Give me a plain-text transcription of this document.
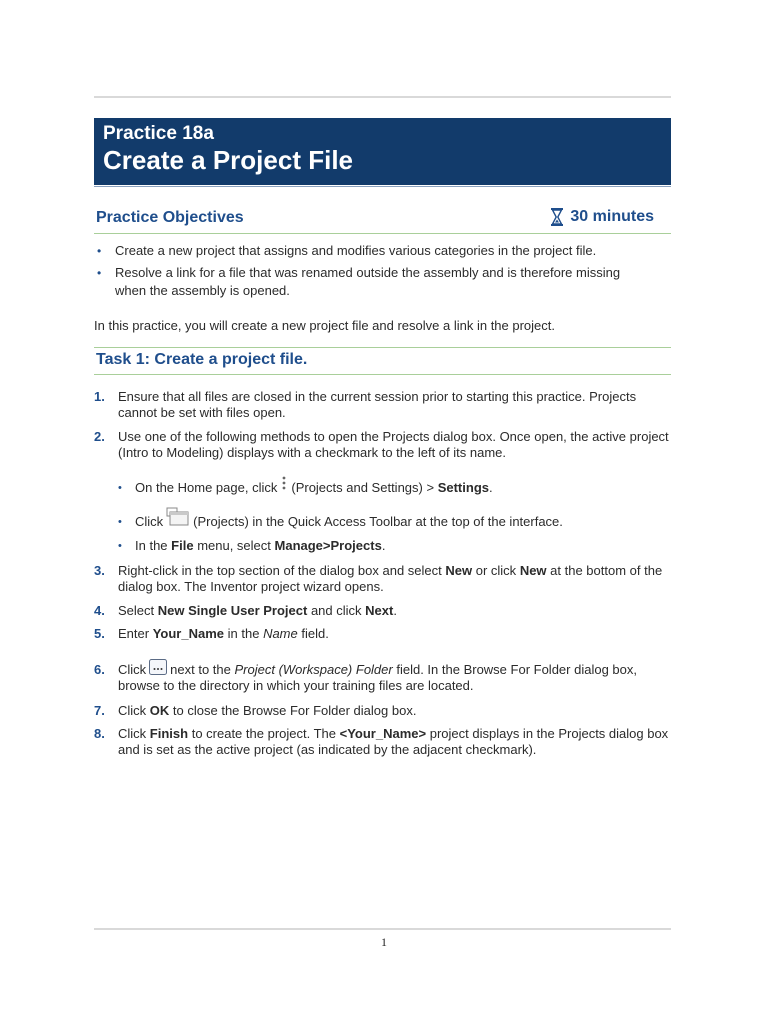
Practice 18a
Create a Project File
Practice Objectives	30 minutes
• Create a new project that assigns and modifies various categories in the project file.
• Resolve a link for a file that was renamed outside the assembly and is therefore missing when the assembly is opened.
In this practice, you will create a new project file and resolve a link in the project.
Task 1: Create a project file.
1. Ensure that all files are closed in the current session prior to starting this practice. Projects cannot be set with files open.
2. Use one of the following methods to open the Projects dialog box. Once open, the active project (Intro to Modeling) displays with a checkmark to the left of its name.
3. Right-click in the top section of the dialog box and select New or click New at the bottom of the dialog box. The Inventor project wizard opens.
4. Select New Single User Project and click Next.
5. Enter Your_Name in the Name field.
6. Click next to the Project (Workspace) Folder field. In the Browse For Folder dialog box, browse to the directory in which your training files are located.
7. Click OK to close the Browse For Folder dialog box.
8. Click Finish to create the project. The <Your_Name> project displays in the Projects dialog box and is set as the active project (as indicated by the adjacent checkmark).
• On the Home page, click (Projects and Settings) > Settings.
• Click (Projects) in the Quick Access Toolbar at the top of the interface.
• In the File menu, select Manage>Projects.
1
